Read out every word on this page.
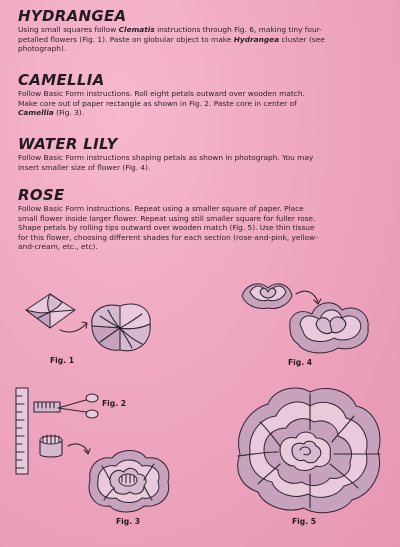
HYDRANGEA

Using small squares follow Clematis instructions through Fig. 6, making tiny four-
petalled flowers (Fig. 1). Paste on globular object to make Hydrangea cluster (see
photograph).

CAMELLIA

Follow Basic Form instructions. Roll eight petals outward over wooden match.
Make core out of paper rectangle as shown in Fig. 2. Paste core in center of
Camellia (Fig. 3).

WATER LILY

Follow Basic Form instructions shaping petals as shown in photograph. You may
insert smaller size of flower (Fig. 4).

ROSE

Follow Basic Form instructions. Repeat using a smaller square of paper. Place
small flower inside larger flower. Repeat using still smaller square for fuller rose.
Shape petals by rolling tips outward over wooden match (Fig. 5). Use thin tissue
for this flower, choosing different shades for each section (rose-and-pink, yellow-
and-cream, etc., etc).

Fig. 1	Fig. 4
Fig. 2
Fig. 3	Fig. 5
